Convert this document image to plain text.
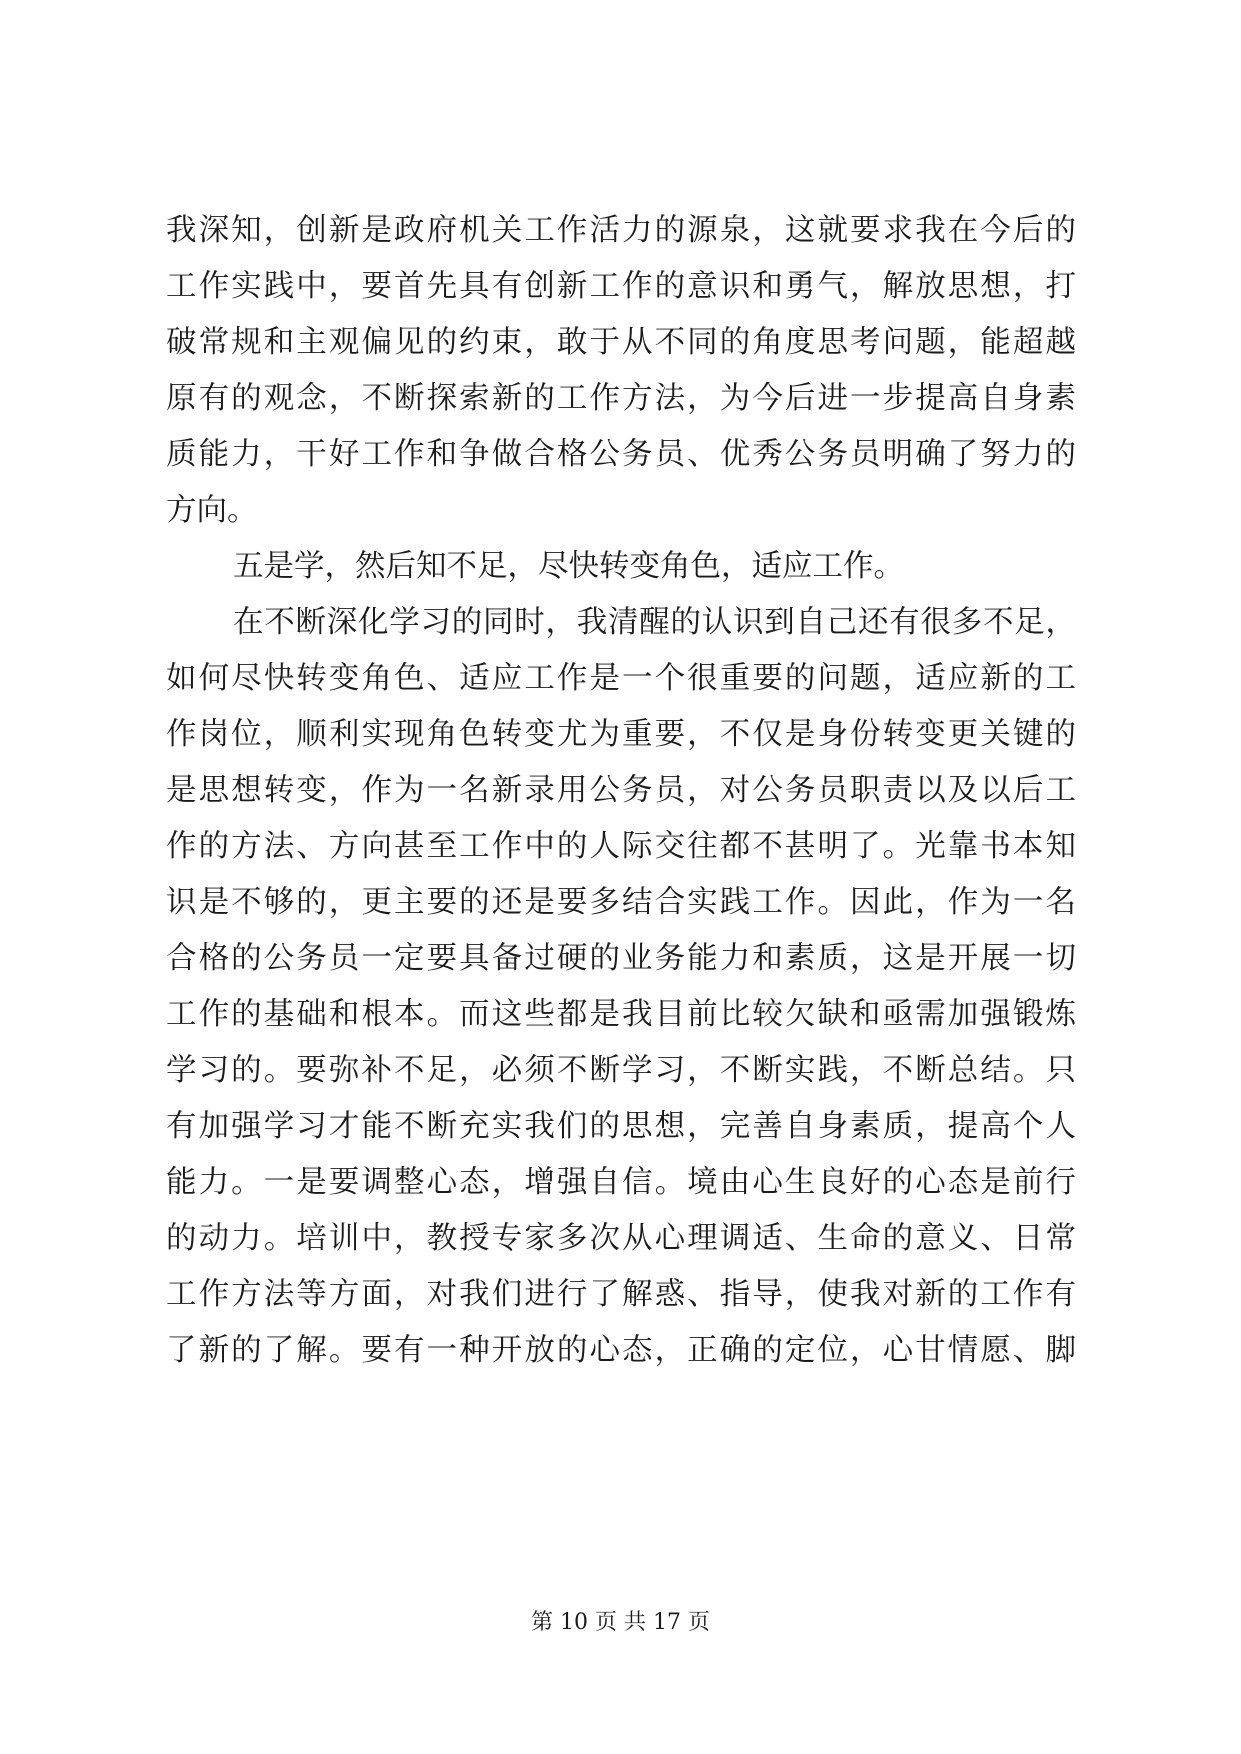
我深知，创新是政府机关工作活力的源泉，这就要求我在今后的
工作实践中，要首先具有创新工作的意识和勇气，解放思想，打
破常规和主观偏见的约束，敢于从不同的角度思考问题，能超越
原有的观念，不断探索新的工作方法，为今后进一步提高自身素
质能力，干好工作和争做合格公务员、优秀公务员明确了努力的
方向。
五是学，然后知不足，尽快转变角色，适应工作。
在不断深化学习的同时，我清醒的认识到自己还有很多不足，
如何尽快转变角色、适应工作是一个很重要的问题，适应新的工
作岗位，顺利实现角色转变尤为重要，不仅是身份转变更关键的
是思想转变，作为一名新录用公务员，对公务员职责以及以后工
作的方法、方向甚至工作中的人际交往都不甚明了。光靠书本知
识是不够的，更主要的还是要多结合实践工作。因此，作为一名
合格的公务员一定要具备过硬的业务能力和素质，这是开展一切
工作的基础和根本。而这些都是我目前比较欠缺和亟需加强锻炼
学习的。要弥补不足，必须不断学习，不断实践，不断总结。只
有加强学习才能不断充实我们的思想，完善自身素质，提高个人
能力。一是要调整心态，增强自信。境由心生良好的心态是前行
的动力。培训中，教授专家多次从心理调适、生命的意义、日常
工作方法等方面，对我们进行了解惑、指导，使我对新的工作有
了新的了解。要有一种开放的心态，正确的定位，心甘情愿、脚
第 10 页 共 17 页
